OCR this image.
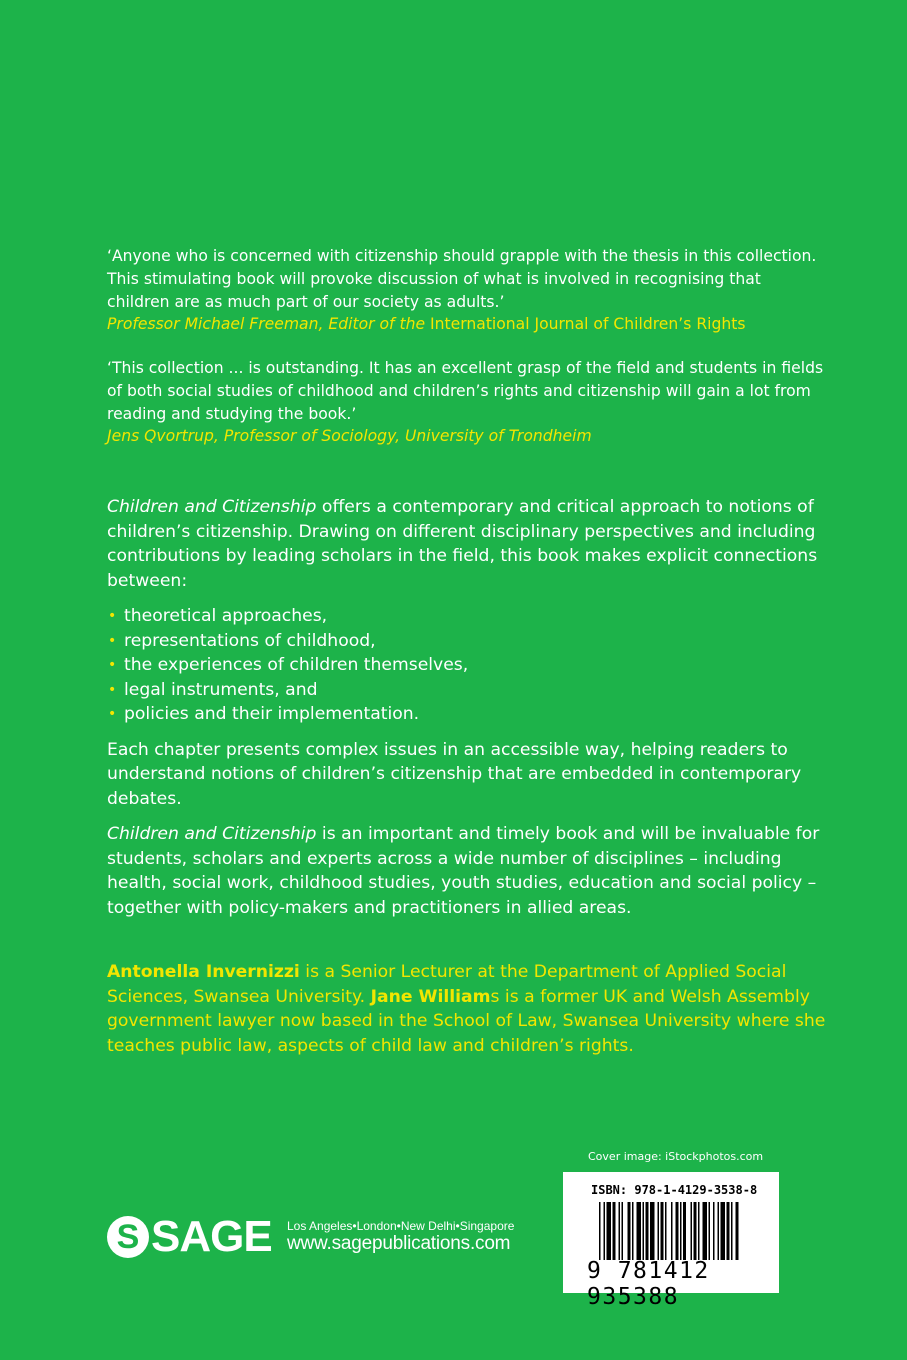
‘Anyone who is concerned with citizenship should grapple with the thesis in this collection. This stimulating book will provoke discussion of what is involved in recognising that children are as much part of our society as adults.’
Professor Michael Freeman, Editor of the International Journal of Children’s Rights
‘This collection ... is outstanding. It has an excellent grasp of the field and students in fields of both social studies of childhood and children’s rights and citizenship will gain a lot from reading and studying the book.’
Jens Qvortrup, Professor of Sociology, University of Trondheim

Children and Citizenship offers a contemporary and critical approach to notions of children’s citizenship. Drawing on different disciplinary perspectives and including contributions by leading scholars in the field, this book makes explicit connections between:

• theoretical approaches,
• representations of childhood,
• the experiences of children themselves,
• legal instruments, and
• policies and their implementation.

Each chapter presents complex issues in an accessible way, helping readers to understand notions of children’s citizenship that are embedded in contemporary debates.

Children and Citizenship is an important and timely book and will be invaluable for students, scholars and experts across a wide number of disciplines – including health, social work, childhood studies, youth studies, education and social policy – together with policy-makers and practitioners in allied areas.

Antonella Invernizzi is a Senior Lecturer at the Department of Applied Social Sciences, Swansea University. Jane Williams is a former UK and Welsh Assembly government lawyer now based in the School of Law, Swansea University where she teaches public law, aspects of child law and children’s rights.
S SAGE Los Angeles•London•New Delhi•Singapore
www.sagepublications.com
Cover image: iStockphotos.com
ISBN: 978-1-4129-3538-8
9 781412 935388
